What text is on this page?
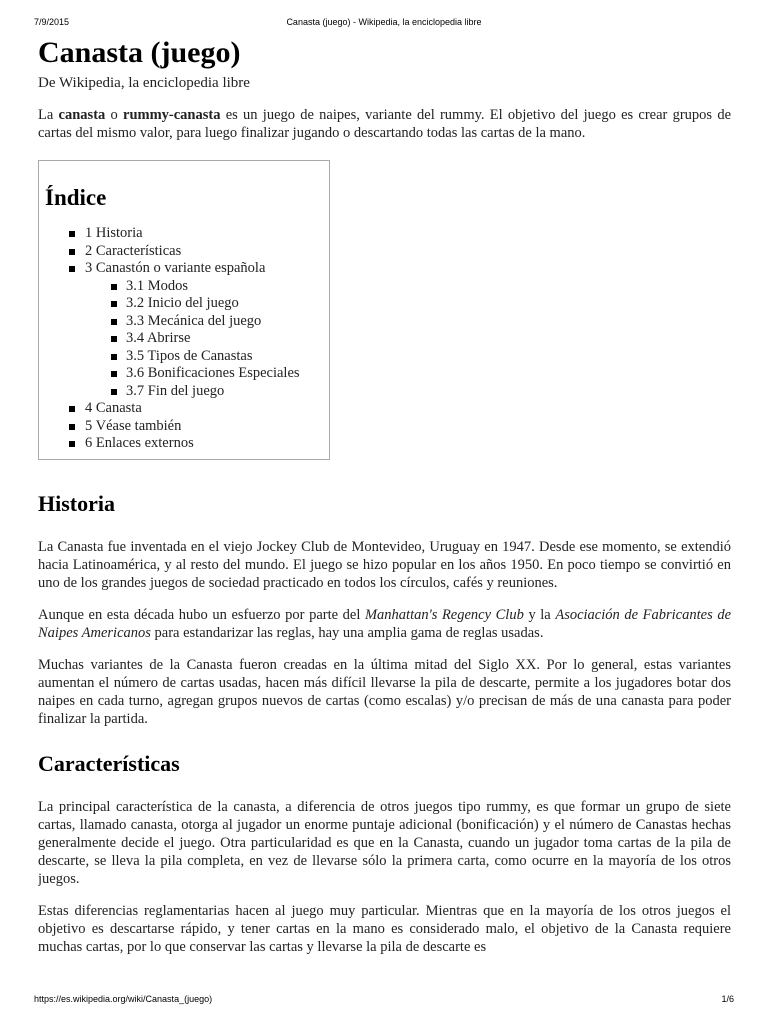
7/9/2015	Canasta (juego) - Wikipedia, la enciclopedia libre
Canasta (juego)
De Wikipedia, la enciclopedia libre

La canasta o rummy-canasta es un juego de naipes, variante del rummy. El objetivo del juego es crear grupos de cartas del mismo valor, para luego finalizar jugando o descartando todas las cartas de la mano.

Índice
1 Historia
2 Características
3 Canastón o variante española
3.1 Modos
3.2 Inicio del juego
3.3 Mecánica del juego
3.4 Abrirse
3.5 Tipos de Canastas
3.6 Bonificaciones Especiales
3.7 Fin del juego
4 Canasta
5 Véase también
6 Enlaces externos
Historia

La Canasta fue inventada en el viejo Jockey Club de Montevideo, Uruguay en 1947. Desde ese momento, se extendió hacia Latinoamérica, y al resto del mundo. El juego se hizo popular en los años 1950. En poco tiempo se convirtió en uno de los grandes juegos de sociedad practicado en todos los círculos, cafés y reuniones.

Aunque en esta década hubo un esfuerzo por parte del Manhattan's Regency Club y la Asociación de Fabricantes de Naipes Americanos para estandarizar las reglas, hay una amplia gama de reglas usadas.

Muchas variantes de la Canasta fueron creadas en la última mitad del Siglo XX. Por lo general, estas variantes aumentan el número de cartas usadas, hacen más difícil llevarse la pila de descarte, permite a los jugadores botar dos naipes en cada turno, agregan grupos nuevos de cartas (como escalas) y/o precisan de más de una canasta para poder finalizar la partida.

Características

La principal característica de la canasta, a diferencia de otros juegos tipo rummy, es que formar un grupo de siete cartas, llamado canasta, otorga al jugador un enorme puntaje adicional (bonificación) y el número de Canastas hechas generalmente decide el juego. Otra particularidad es que en la Canasta, cuando un jugador toma cartas de la pila de descarte, se lleva la pila completa, en vez de llevarse sólo la primera carta, como ocurre en la mayoría de los otros juegos.

Estas diferencias reglamentarias hacen al juego muy particular. Mientras que en la mayoría de los otros juegos el objetivo es descartarse rápido, y tener cartas en la mano es considerado malo, el objetivo de la Canasta requiere muchas cartas, por lo que conservar las cartas y llevarse la pila de descarte es

https://es.wikipedia.org/wiki/Canasta_(juego)	1/6
